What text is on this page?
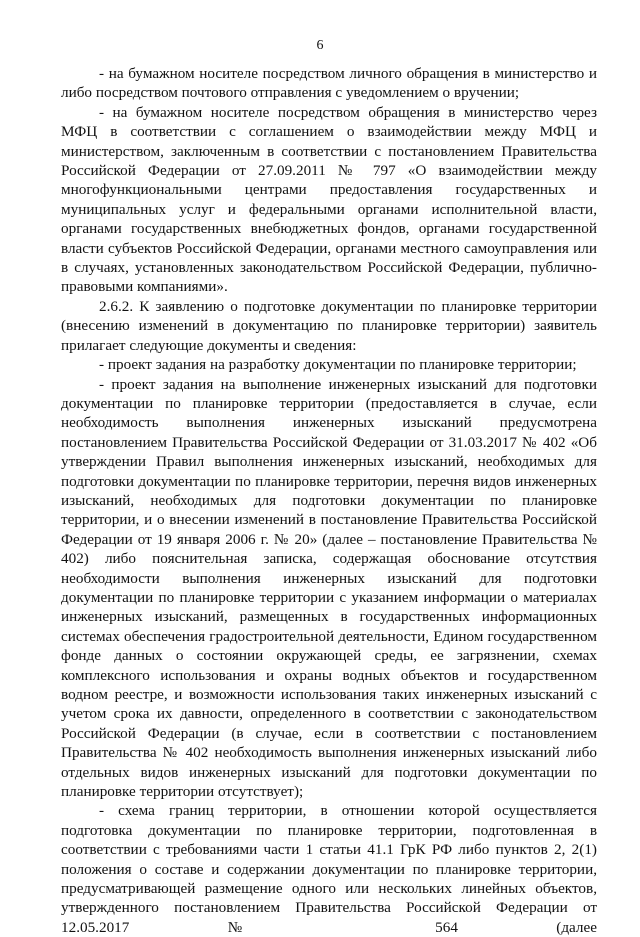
6

- на бумажном носителе посредством личного обращения в министерство и либо посредством почтового отправления с уведомлением о вручении;

- на бумажном носителе посредством обращения в министерство через МФЦ в соответствии с соглашением о взаимодействии между МФЦ и министерством, заключенным в соответствии с постановлением Правительства Российской Федерации от 27.09.2011 № 797 «О взаимодействии между многофункциональными центрами предоставления государственных и муниципальных услуг и федеральными органами исполнительной власти, органами государственных внебюджетных фондов, органами государственной власти субъектов Российской Федерации, органами местного самоуправления или в случаях, установленных законодательством Российской Федерации, публично-правовыми компаниями».

2.6.2. К заявлению о подготовке документации по планировке территории (внесению изменений в документацию по планировке территории) заявитель прилагает следующие документы и сведения:

- проект задания на разработку документации по планировке территории;

- проект задания на выполнение инженерных изысканий для подготовки документации по планировке территории (предоставляется в случае, если необходимость выполнения инженерных изысканий предусмотрена постановлением Правительства Российской Федерации от 31.03.2017 № 402 «Об утверждении Правил выполнения инженерных изысканий, необходимых для подготовки документации по планировке территории, перечня видов инженерных изысканий, необходимых для подготовки документации по планировке территории, и о внесении изменений в постановление Правительства Российской Федерации от 19 января 2006 г. № 20» (далее – постановление Правительства № 402) либо пояснительная записка, содержащая обоснование отсутствия необходимости выполнения инженерных изысканий для подготовки документации по планировке территории с указанием информации о материалах инженерных изысканий, размещенных в государственных информационных системах обеспечения градостроительной деятельности, Едином государственном фонде данных о состоянии окружающей среды, ее загрязнении, схемах комплексного использования и охраны водных объектов и государственном водном реестре, и возможности использования таких инженерных изысканий с учетом срока их давности, определенного в соответствии с законодательством Российской Федерации (в случае, если в соответствии с постановлением Правительства № 402 необходимость выполнения инженерных изысканий либо отдельных видов инженерных изысканий для подготовки документации по планировке территории отсутствует);

- схема границ территории, в отношении которой осуществляется подготовка документации по планировке территории, подготовленная в соответствии с требованиями части 1 статьи 41.1 ГрК РФ либо пунктов 2, 2(1) положения о составе и содержании документации по планировке территории, предусматривающей размещение одного или нескольких линейных объектов, утвержденного постановлением Правительства Российской Федерации от 12.05.2017 № 564 (далее
